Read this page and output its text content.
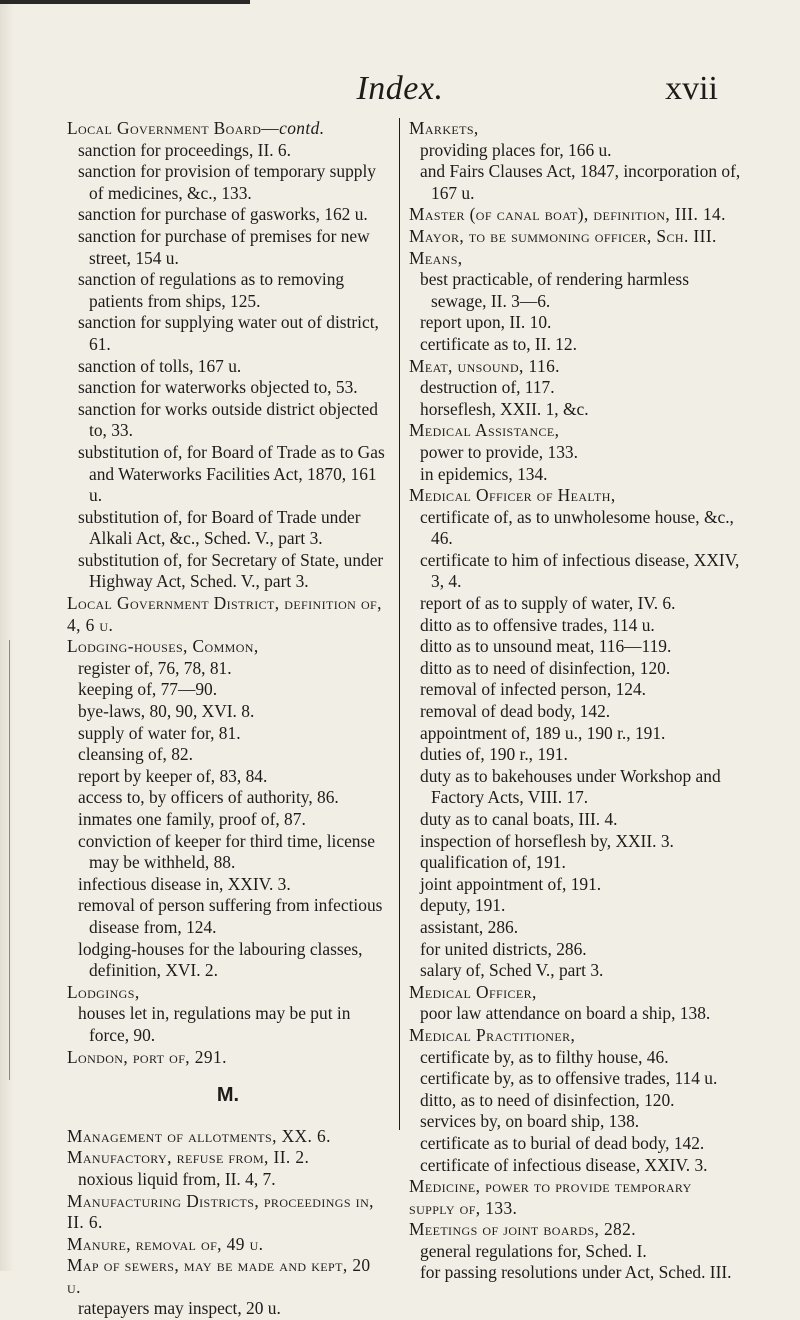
Index.	xvii

Local Government Board—contd.

sanction for proceedings, II. 6.

sanction for provision of temporary supply of medicines, &c., 133.

sanction for purchase of gasworks, 162 u.

sanction for purchase of premises for new street, 154 u.

sanction of regulations as to removing patients from ships, 125.

sanction for supplying water out of district, 61.

sanction of tolls, 167 u.

sanction for waterworks objected to, 53.

sanction for works outside district objected to, 33.

substitution of, for Board of Trade as to Gas and Waterworks Facilities Act, 1870, 161 u.

substitution of, for Board of Trade under Alkali Act, &c., Sched. V., part 3.

substitution of, for Secretary of State, under Highway Act, Sched. V., part 3.

Local Government District, definition of, 4, 6 u.

Lodging-houses, Common,

register of, 76, 78, 81.

keeping of, 77—90.

bye-laws, 80, 90, XVI. 8.

supply of water for, 81.

cleansing of, 82.

report by keeper of, 83, 84.

access to, by officers of authority, 86.

inmates one family, proof of, 87.

conviction of keeper for third time, license may be withheld, 88.

infectious disease in, XXIV. 3.

removal of person suffering from infectious disease from, 124.

lodging-houses for the labouring classes, definition, XVI. 2.

Lodgings,

houses let in, regulations may be put in force, 90.

London, port of, 291.

M.

Management of allotments, XX. 6.

Manufactory, refuse from, II. 2.

noxious liquid from, II. 4, 7.

Manufacturing Districts, proceedings in, II. 6.

Manure, removal of, 49 u.

Map of sewers, may be made and kept, 20 u.

ratepayers may inspect, 20 u.

Markets,

providing places for, 166 u.

and Fairs Clauses Act, 1847, incorporation of, 167 u.

Master (of canal boat), definition, III. 14.

Mayor, to be summoning officer, Sch. III.

Means,

best practicable, of rendering harmless sewage, II. 3—6.

report upon, II. 10.

certificate as to, II. 12.

Meat, unsound, 116.

destruction of, 117.

horseflesh, XXII. 1, &c.

Medical Assistance,

power to provide, 133.

in epidemics, 134.

Medical Officer of Health,

certificate of, as to unwholesome house, &c., 46.

certificate to him of infectious disease, XXIV, 3, 4.

report of as to supply of water, IV. 6.

ditto as to offensive trades, 114 u.

ditto as to unsound meat, 116—119.

ditto as to need of disinfection, 120.

removal of infected person, 124.

removal of dead body, 142.

appointment of, 189 u., 190 r., 191.

duties of, 190 r., 191.

duty as to bakehouses under Workshop and Factory Acts, VIII. 17.

duty as to canal boats, III. 4.

inspection of horseflesh by, XXII. 3.

qualification of, 191.

joint appointment of, 191.

deputy, 191.

assistant, 286.

for united districts, 286.

salary of, Sched V., part 3.

Medical Officer,

poor law attendance on board a ship, 138.

Medical Practitioner,

certificate by, as to filthy house, 46.

certificate by, as to offensive trades, 114 u.

ditto, as to need of disinfection, 120.

services by, on board ship, 138.

certificate as to burial of dead body, 142.

certificate of infectious disease, XXIV. 3.

Medicine, power to provide temporary supply of, 133.

Meetings of joint boards, 282.

general regulations for, Sched. I.

for passing resolutions under Act, Sched. III.
